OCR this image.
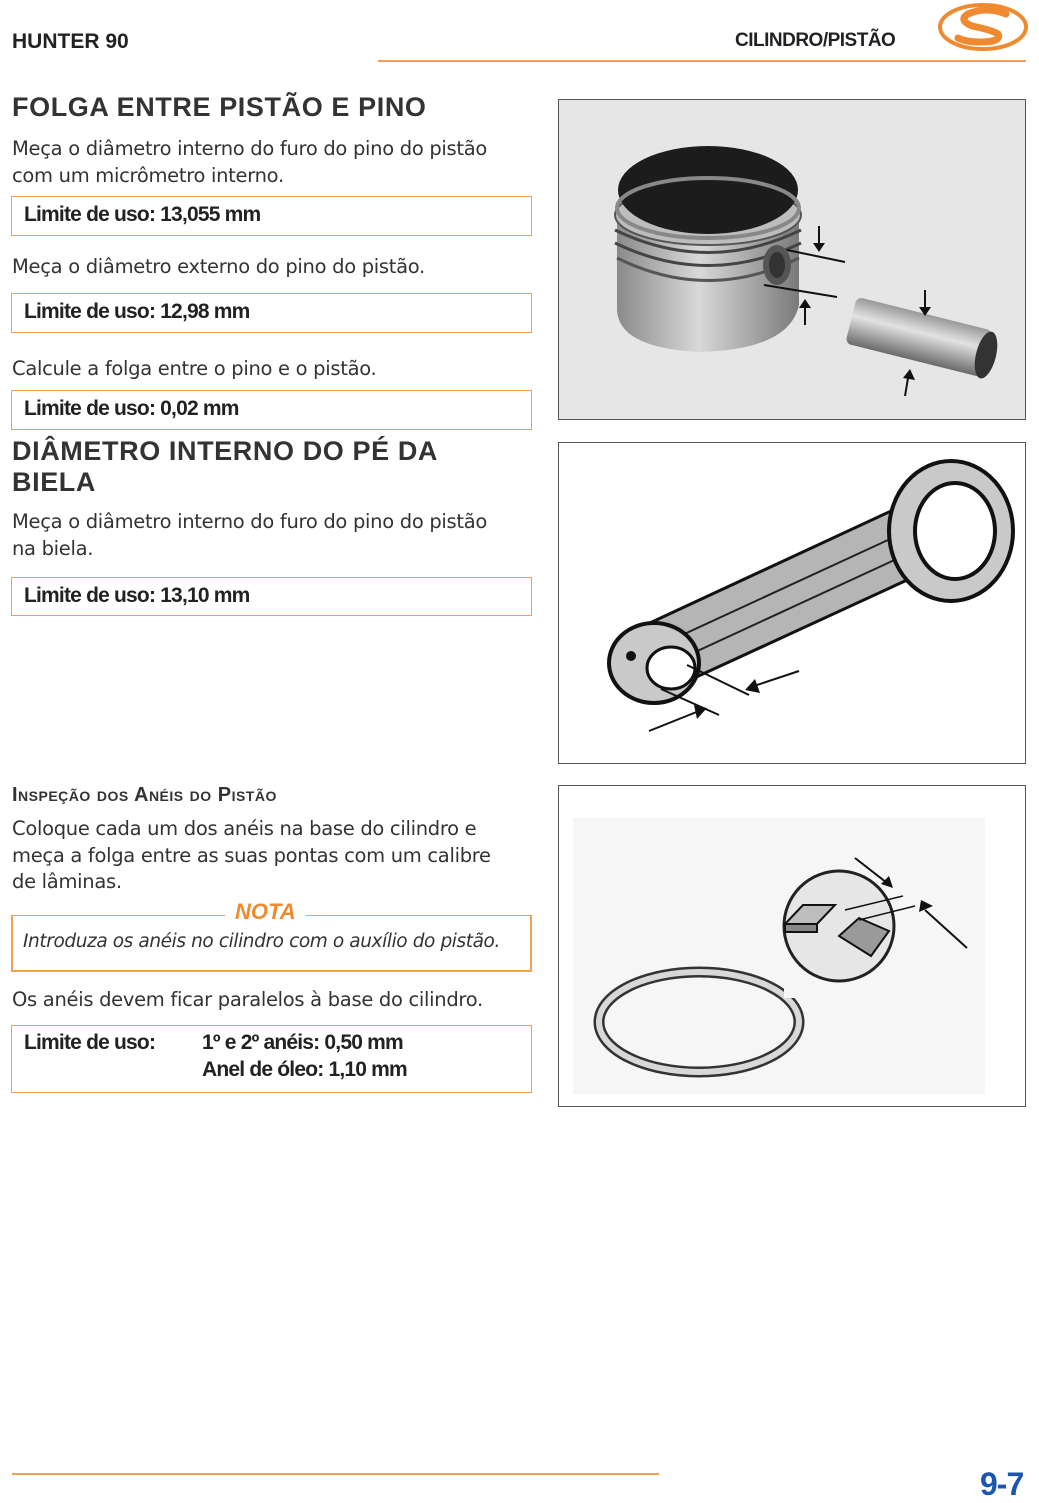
HUNTER 90	CILINDRO/PISTÃO
FOLGA ENTRE PISTÃO E PINO
Meça o diâmetro interno do furo do pino do pistão
com um micrômetro interno.
Limite de uso: 13,055 mm
Meça o diâmetro externo do pino do pistão.
Limite de uso: 12,98 mm
Calcule a folga entre o pino e o pistão.
Limite de uso: 0,02 mm
DIÂMETRO INTERNO DO PÉ DA
BIELA
Meça o diâmetro interno do furo do pino do pistão
na biela.
Limite de uso: 13,10 mm
Inspeção dos Anéis do Pistão
Coloque cada um dos anéis na base do cilindro e
meça a folga entre as suas pontas com um calibre
de lâminas.
NOTA
Introduza os anéis no cilindro com o auxílio do pistão.
Os anéis devem ficar paralelos à base do cilindro.
Limite de uso: 1º e 2º anéis: 0,50 mm
Anel de óleo: 1,10 mm
9-7
